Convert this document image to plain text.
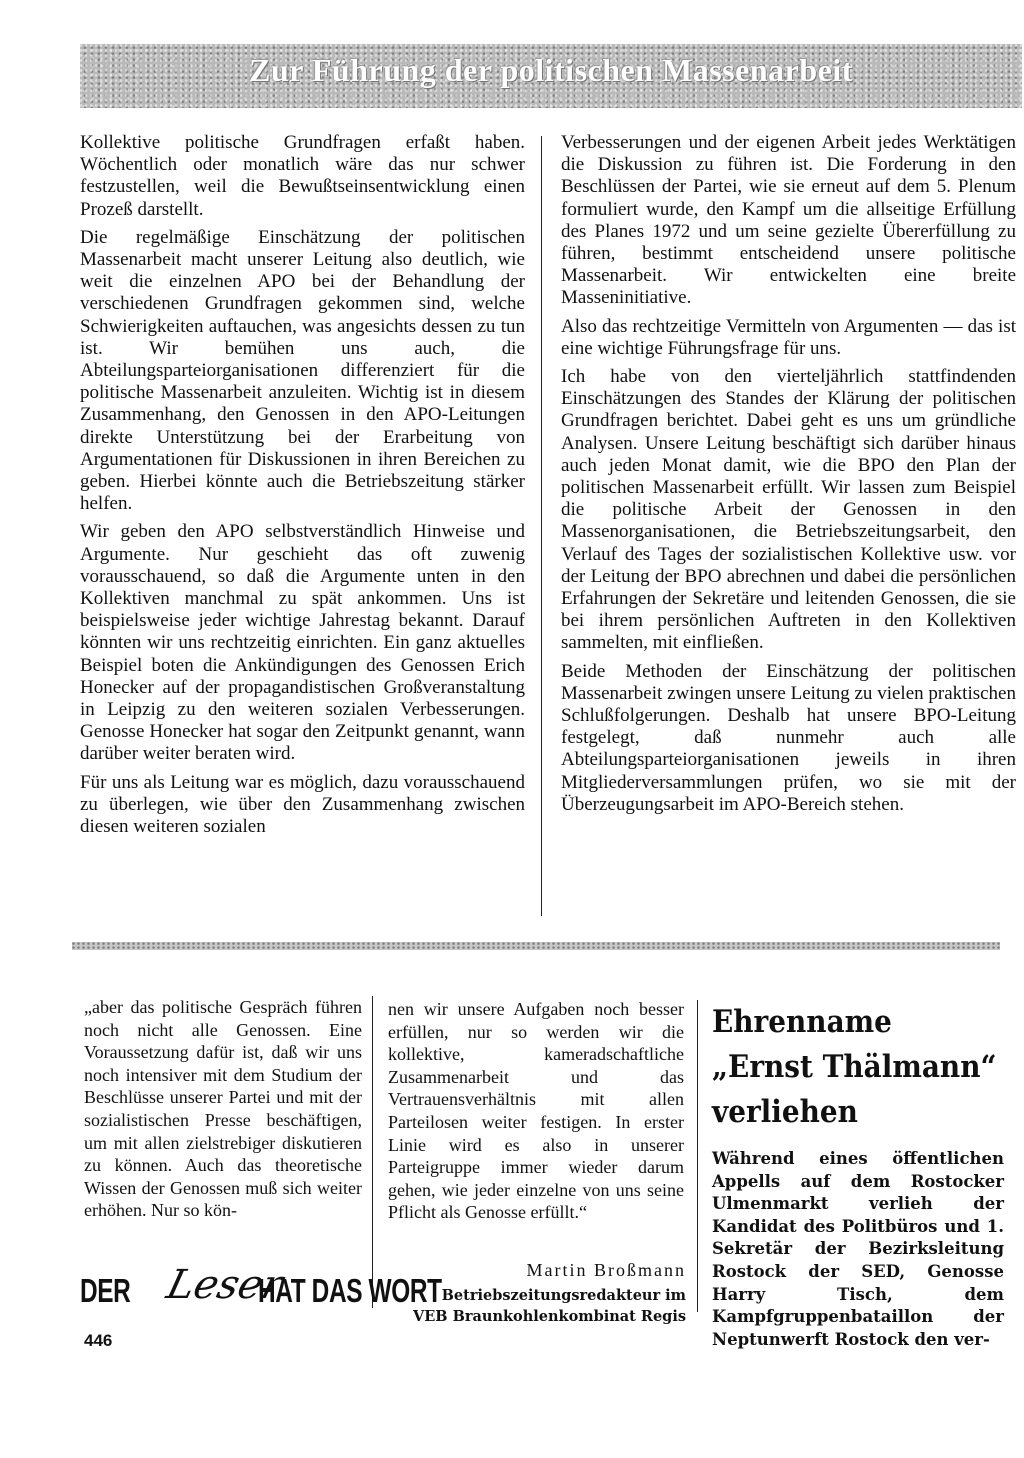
Zur Führung der politischen Massenarbeit

Kollektive politische Grundfragen erfaßt haben. Wöchentlich oder monatlich wäre das nur schwer festzustellen, weil die Bewußtseinsentwicklung einen Prozeß darstellt.

Die regelmäßige Einschätzung der politischen Massenarbeit macht unserer Leitung also deutlich, wie weit die einzelnen APO bei der Behandlung der verschiedenen Grundfragen gekommen sind, welche Schwierigkeiten auftauchen, was angesichts dessen zu tun ist. Wir bemühen uns auch, die Abteilungsparteiorganisationen differenziert für die politische Massenarbeit anzuleiten. Wichtig ist in diesem Zusammenhang, den Genossen in den APO-Leitungen direkte Unterstützung bei der Erarbeitung von Argumentationen für Diskussionen in ihren Bereichen zu geben. Hierbei könnte auch die Betriebszeitung stärker helfen.

Wir geben den APO selbstverständlich Hinweise und Argumente. Nur geschieht das oft zuwenig vorausschauend, so daß die Argumente unten in den Kollektiven manchmal zu spät ankommen. Uns ist beispielsweise jeder wichtige Jahrestag bekannt. Darauf könnten wir uns rechtzeitig einrichten. Ein ganz aktuelles Beispiel boten die Ankündigungen des Genossen Erich Honecker auf der propagandistischen Großveranstaltung in Leipzig zu den weiteren sozialen Verbesserungen. Genosse Honecker hat sogar den Zeitpunkt genannt, wann darüber weiter beraten wird.

Für uns als Leitung war es möglich, dazu vorausschauend zu überlegen, wie über den Zusammenhang zwischen diesen weiteren sozialen

Verbesserungen und der eigenen Arbeit jedes Werktätigen die Diskussion zu führen ist. Die Forderung in den Beschlüssen der Partei, wie sie erneut auf dem 5. Plenum formuliert wurde, den Kampf um die allseitige Erfüllung des Planes 1972 und um seine gezielte Übererfüllung zu führen, bestimmt entscheidend unsere politische Massenarbeit. Wir entwickelten eine breite Masseninitiative.

Also das rechtzeitige Vermitteln von Argumenten — das ist eine wichtige Führungsfrage für uns.

Ich habe von den vierteljährlich stattfindenden Einschätzungen des Standes der Klärung der politischen Grundfragen berichtet. Dabei geht es uns um gründliche Analysen. Unsere Leitung beschäftigt sich darüber hinaus auch jeden Monat damit, wie die BPO den Plan der politischen Massenarbeit erfüllt. Wir lassen zum Beispiel die politische Arbeit der Genossen in den Massenorganisationen, die Betriebszeitungsarbeit, den Verlauf des Tages der sozialistischen Kollektive usw. vor der Leitung der BPO abrechnen und dabei die persönlichen Erfahrungen der Sekretäre und leitenden Genossen, die sie bei ihrem persönlichen Auftreten in den Kollektiven sammelten, mit einfließen.

Beide Methoden der Einschätzung der politischen Massenarbeit zwingen unsere Leitung zu vielen praktischen Schlußfolgerungen. Deshalb hat unsere BPO-Leitung festgelegt, daß nunmehr auch alle Abteilungsparteiorganisationen jeweils in ihren Mitgliederversammlungen prüfen, wo sie mit der Überzeugungsarbeit im APO-Bereich stehen.

„aber das politische Gespräch führen noch nicht alle Genossen. Eine Voraussetzung dafür ist, daß wir uns noch intensiver mit dem Studium der Beschlüsse unserer Partei und mit der sozialistischen Presse beschäftigen, um mit allen zielstrebiger diskutieren zu können. Auch das theoretische Wissen der Genossen muß sich weiter erhöhen. Nur so kön-
nen wir unsere Aufgaben noch besser erfüllen, nur so werden wir die kollektive, kameradschaftliche Zusammenarbeit und das Vertrauensverhältnis mit allen Parteilosen weiter festigen. In erster Linie wird es also in unserer Parteigruppe immer wieder darum gehen, wie jeder einzelne von uns seine Pflicht als Genosse erfüllt.“
Martin Broßmann
Betriebszeitungsredakteur im
VEB Braunkohlenkombinat Regis
DER Leser
HAT DAS WORT
446
Ehrenname
„Ernst Thälmann“
verliehen
Während eines öffentlichen Appells auf dem Rostocker Ulmenmarkt verlieh der Kandidat des Politbüros und 1. Sekretär der Bezirksleitung Rostock der SED, Genosse Harry Tisch, dem Kampfgruppenbataillon der Neptunwerft Rostock den ver-
